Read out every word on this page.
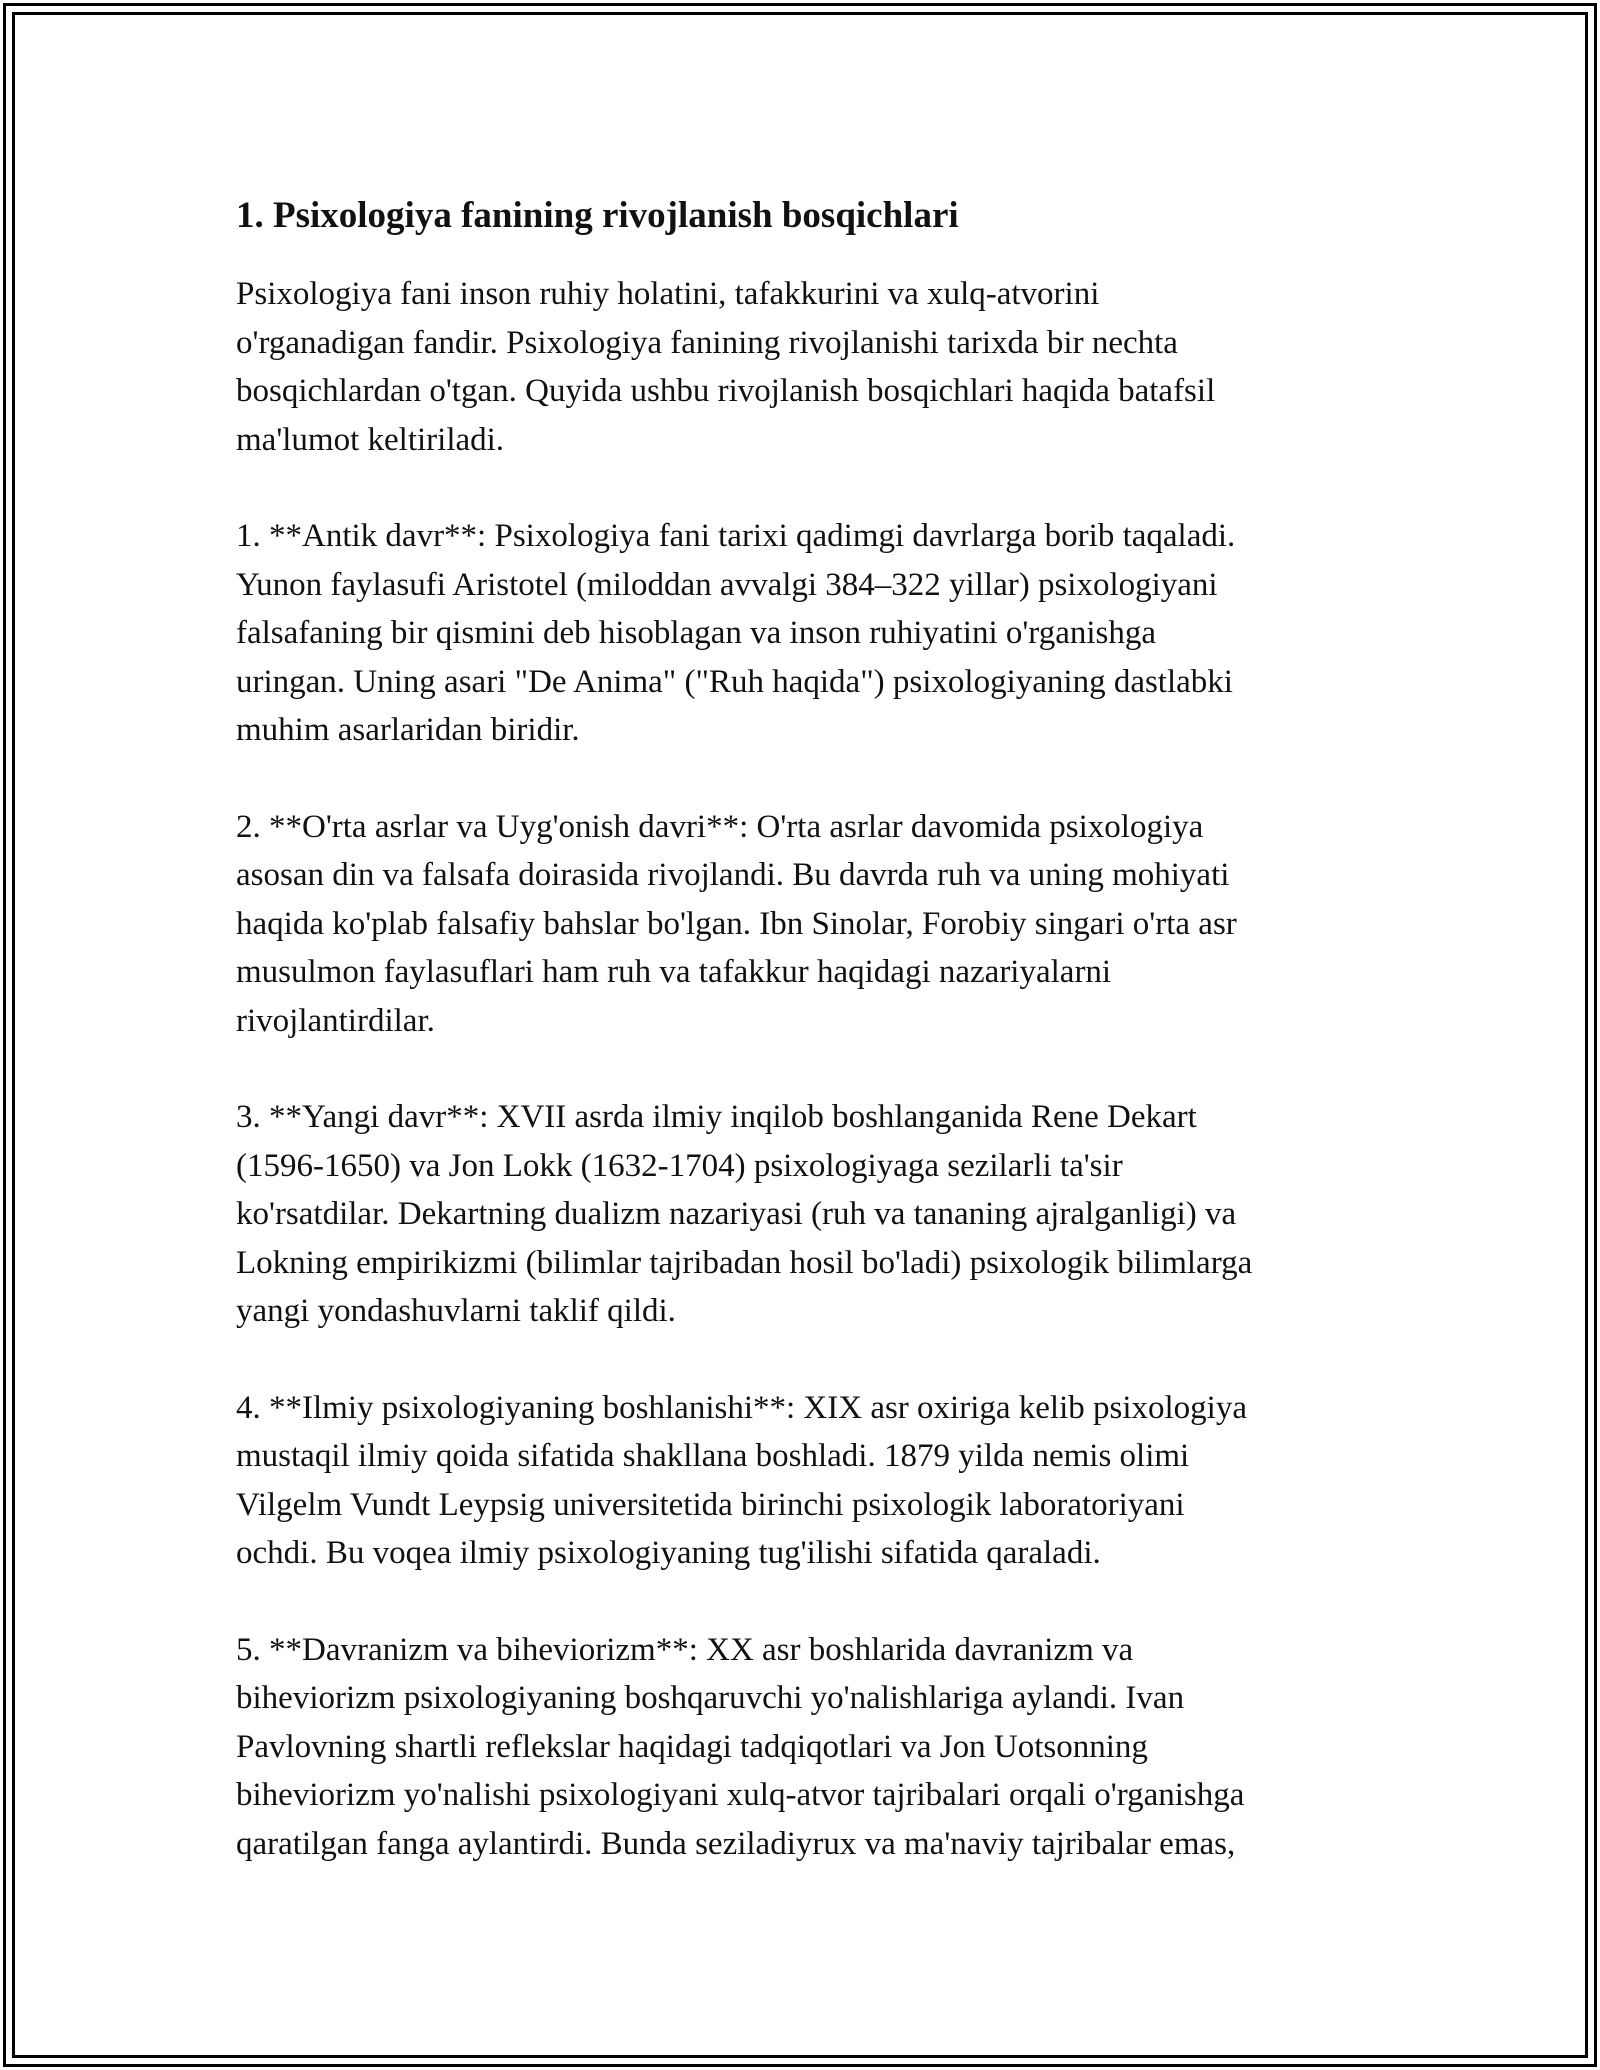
1. Psixologiya fanining rivojlanish bosqichlari

Psixologiya fani inson ruhiy holatini, tafakkurini va xulq-atvorini
o'rganadigan fandir. Psixologiya fanining rivojlanishi tarixda bir nechta
bosqichlardan o'tgan. Quyida ushbu rivojlanish bosqichlari haqida batafsil
ma'lumot keltiriladi.

1. **Antik davr**: Psixologiya fani tarixi qadimgi davrlarga borib taqaladi.
Yunon faylasufi Aristotel (miloddan avvalgi 384–322 yillar) psixologiyani
falsafaning bir qismini deb hisoblagan va inson ruhiyatini o'rganishga
uringan. Uning asari "De Anima" ("Ruh haqida") psixologiyaning dastlabki
muhim asarlaridan biridir.

2. **O'rta asrlar va Uyg'onish davri**: O'rta asrlar davomida psixologiya
asosan din va falsafa doirasida rivojlandi. Bu davrda ruh va uning mohiyati
haqida ko'plab falsafiy bahslar bo'lgan. Ibn Sinolar, Forobiy singari o'rta asr
musulmon faylasuflari ham ruh va tafakkur haqidagi nazariyalarni
rivojlantirdilar.

3. **Yangi davr**: XVII asrda ilmiy inqilob boshlanganida Rene Dekart
(1596-1650) va Jon Lokk (1632-1704) psixologiyaga sezilarli ta'sir
ko'rsatdilar. Dekartning dualizm nazariyasi (ruh va tananing ajralganligi) va
Lokning empirikizmi (bilimlar tajribadan hosil bo'ladi) psixologik bilimlarga
yangi yondashuvlarni taklif qildi.

4. **Ilmiy psixologiyaning boshlanishi**: XIX asr oxiriga kelib psixologiya
mustaqil ilmiy qoida sifatida shakllana boshladi. 1879 yilda nemis olimi
Vilgelm Vundt Leypsig universitetida birinchi psixologik laboratoriyani
ochdi. Bu voqea ilmiy psixologiyaning tug'ilishi sifatida qaraladi.

5. **Davranizm va biheviorizm**: XX asr boshlarida davranizm va
biheviorizm psixologiyaning boshqaruvchi yo'nalishlariga aylandi. Ivan
Pavlovning shartli reflekslar haqidagi tadqiqotlari va Jon Uotsonning
biheviorizm yo'nalishi psixologiyani xulq-atvor tajribalari orqali o'rganishga
qaratilgan fanga aylantirdi. Bunda seziladiyrux va ma'naviy tajribalar emas,
